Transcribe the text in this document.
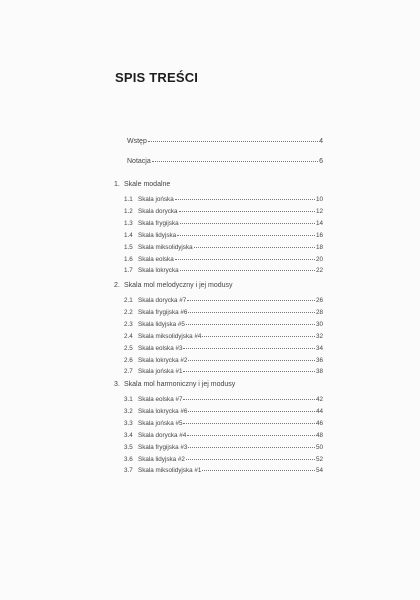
SPIS TREŚCI
Wstęp	4
Notacja	6
1. Skale modalne
1.1 Skala jońska	10
1.2 Skala dorycka	12
1.3 Skala frygijska	14
1.4 Skala lidyjska	16
1.5 Skala miksolidyjska	18
1.6 Skala eolska	20
1.7 Skala lokrycka	22
2. Skala mol melodyczny i jej modusy
2.1 Skala dorycka #7	26
2.2 Skala frygijska #6	28
2.3 Skala lidyjska #5	30
2.4 Skala miksolidyjska #4	32
2.5 Skala eolska #3	34
2.6 Skala lokrycka #2	36
2.7 Skala jońska #1	38
3. Skala mol harmoniczny i jej modusy
3.1 Skala eolska #7	42
3.2 Skala lokrycka #6	44
3.3 Skala jońska #5	46
3.4 Skala dorycka #4	48
3.5 Skala frygijska #3	50
3.6 Skala lidyjska #2	52
3.7 Skala miksolidyjska #1	54
